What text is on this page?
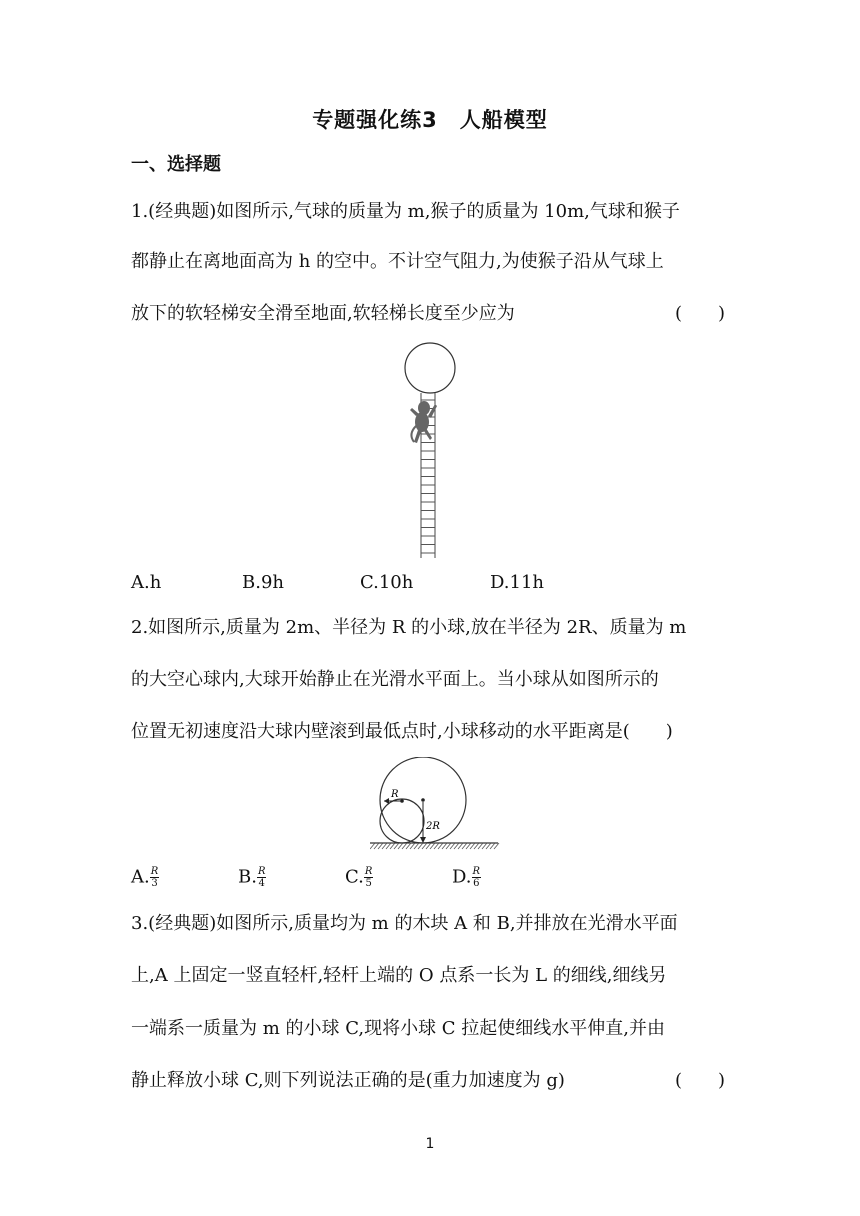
专题强化练3　人船模型
一、选择题
1.(经典题)如图所示,气球的质量为 m,猴子的质量为 10m,气球和猴子
都静止在离地面高为 h 的空中。不计空气阻力,为使猴子沿从气球上
放下的软轻梯安全滑至地面,软轻梯长度至少应为	(　　)
A.h	B.9h	C.10h	D.11h
2.如图所示,质量为 2m、半径为 R 的小球,放在半径为 2R、质量为 m
的大空心球内,大球开始静止在光滑水平面上。当小球从如图所示的
位置无初速度沿大球内壁滚到最低点时,小球移动的水平距离是(　　)
R
2R
A. $\frac{R}{3}$	B. $\frac{R}{4}$	C. $\frac{R}{5}$	D. $\frac{R}{6}$
3.(经典题)如图所示,质量均为 m 的木块 A 和 B,并排放在光滑水平面
上,A 上固定一竖直轻杆,轻杆上端的 O 点系一长为 L 的细线,细线另
一端系一质量为 m 的小球 C,现将小球 C 拉起使细线水平伸直,并由
静止释放小球 C,则下列说法正确的是(重力加速度为 g)	(　　)
1
